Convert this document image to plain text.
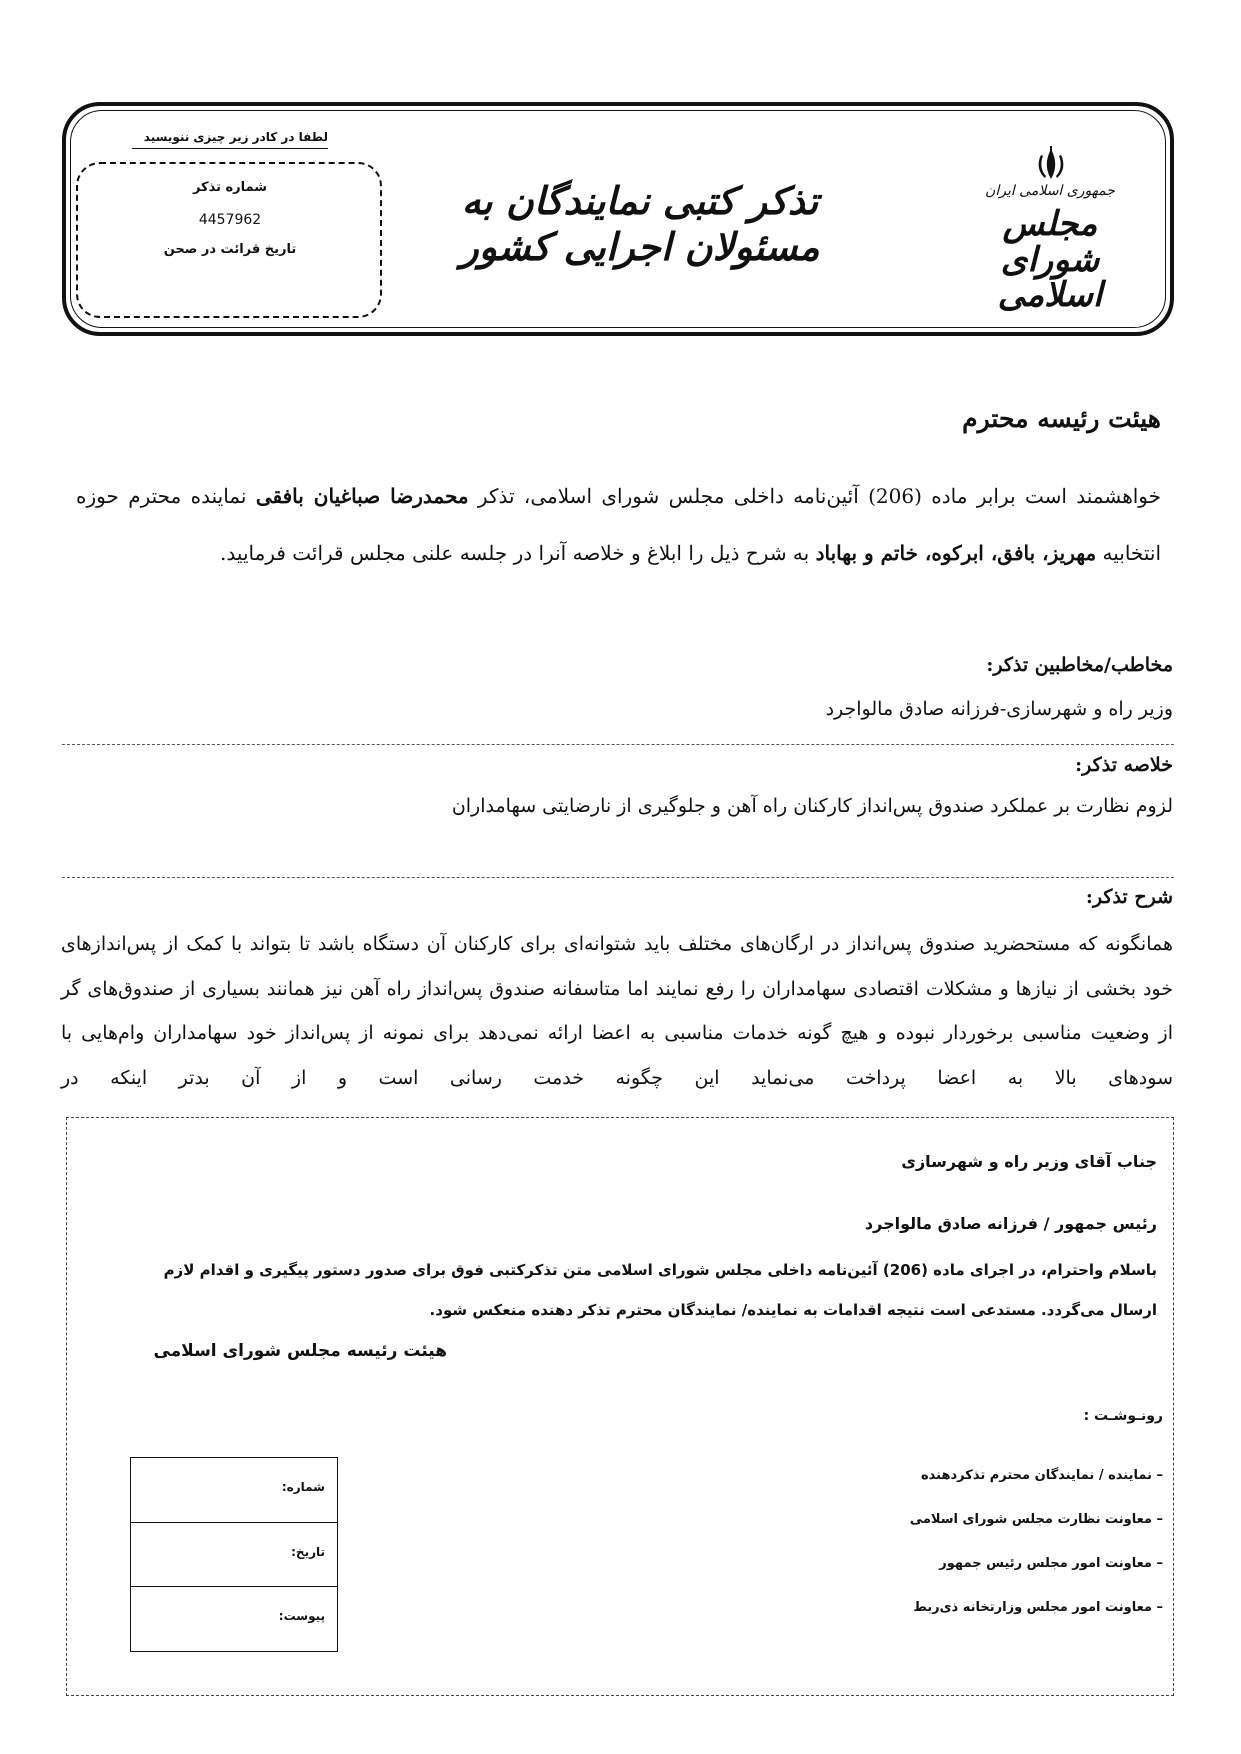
لطفا در کادر زیر چیزی ننویسید
شماره تذکر
4457962
تاریخ قرائت در صحن
تذکر کتبی نمایندگان به مسئولان اجرایی کشور
جمهوری اسلامی ایران
مجلس شورای اسلامی
هیئت رئیسه محترم
خواهشمند است برابر ماده (206) آئین‌نامه داخلی مجلس شورای اسلامی، تذکر محمدرضا صباغیان بافقی نماینده محترم حوزه انتخابیه مهریز، بافق، ابرکوه، خاتم و بهاباد به شرح ذیل را ابلاغ و خلاصه آنرا در جلسه علنی مجلس قرائت فرمایید.
مخاطب/مخاطبین تذکر:
وزیر راه و شهرسازی-فرزانه صادق مالواجرد
خلاصه تذکر:
لزوم نظارت بر عملکرد صندوق پس‌انداز کارکنان راه آهن و جلوگیری از نارضایتی سهامداران
شرح تذکر:
همانگونه که مستحضرید صندوق پس‌انداز در ارگان‌های مختلف باید شتوانه‌ای برای کارکنان آن دستگاه باشد تا بتواند با کمک از پس‌اندازهای خود بخشی از نیازها و مشکلات اقتصادی سهامداران را رفع نمایند اما متاسفانه صندوق پس‌انداز راه آهن نیز همانند بسیاری از صندوق‌های گر از وضعیت مناسبی برخوردار نبوده و هیچ گونه خدمات مناسبی به اعضا ارائه نمی‌دهد برای نمونه از پس‌انداز خود سهامداران وام‌هایی با سودهای بالا به اعضا پرداخت می‌نماید این چگونه خدمت رسانی است و از آن بدتر اینکه در
جناب آقای وزیر راه و شهرسازی
رئیس جمهور / فرزانه صادق مالواجرد
باسلام واحترام، در اجرای ماده (206) آئین‌نامه داخلی مجلس شورای اسلامی متن تذکرکتبی فوق برای صدور دستور پیگیری و اقدام لازم ارسال می‌گردد. مستدعی است نتیجه اقدامات به نماینده/ نمایندگان محترم تذکر دهنده منعکس شود.
هیئت رئیسه مجلس شورای اسلامی
رونـوشـت :
– نماینده / نمایندگان محترم تذکردهنده
– معاونت نظارت مجلس شورای اسلامی
– معاونت امور مجلس رئیس جمهور
– معاونت امور مجلس وزارتخانه ذی‌ربط
شماره:
تاریخ:
پیوست:
